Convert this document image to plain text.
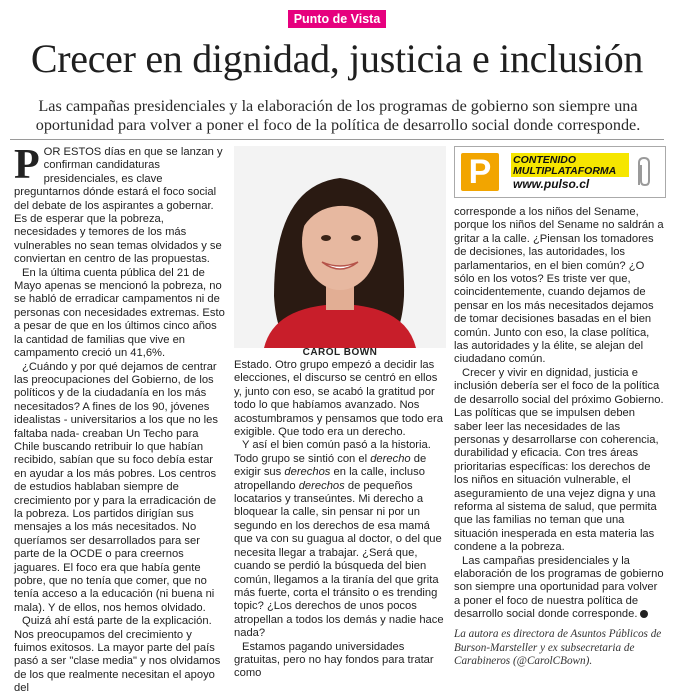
Punto de Vista
Crecer en dignidad, justicia e inclusión

Las campañas presidenciales y la elaboración de los programas de gobierno son siempre una oportunidad para volver a poner el foco de la política de desarrollo social donde corresponde.

POR ESTOS días en que se lanzan y confirman candidaturas presidenciales, es clave preguntarnos dónde estará el foco social del debate de los aspirantes a gobernar. Es de esperar que la pobreza, necesidades y temores de los más vulnerables no sean temas olvidados y se conviertan en centro de las propuestas.

En la última cuenta pública del 21 de Mayo apenas se mencionó la pobreza, no se habló de erradicar campamentos ni de personas con necesidades extremas. Esto a pesar de que en los últimos cinco años la cantidad de familias que vive en campamento creció un 41,6%.

¿Cuándo y por qué dejamos de centrar las preocupaciones del Gobierno, de los políticos y de la ciudadanía en los más necesitados? A fines de los 90, jóvenes idealistas - universitarios a los que no les faltaba nada- creaban Un Techo para Chile buscando retribuir lo que habían recibido, sabían que su foco debía estar en ayudar a los más pobres. Los centros de estudios hablaban siempre de crecimiento por y para la erradicación de la pobreza. Los partidos dirigían sus mensajes a los más necesitados. No queríamos ser desarrollados para ser parte de la OCDE o para creernos jaguares. El foco era que había gente pobre, que no tenía que comer, que no tenía acceso a la educación (ni buena ni mala). Y de ellos, nos hemos olvidado.

Quizá ahí está parte de la explicación. Nos preocupamos del crecimiento y fuimos exitosos. La mayor parte del país pasó a ser "clase media" y nos olvidamos de los que realmente necesitan el apoyo del

CAROL BOWN

Estado. Otro grupo empezó a decidir las elecciones, el discurso se centró en ellos y, junto con eso, se acabó la gratitud por todo lo que habíamos avanzado. Nos acostumbramos y pensamos que todo era exigible. Que todo era un derecho.

Y así el bien común pasó a la historia. Todo grupo se sintió con el derecho de exigir sus derechos en la calle, incluso atropellando derechos de pequeños locatarios y transeúntes. Mi derecho a bloquear la calle, sin pensar ni por un segundo en los derechos de esa mamá que va con su guagua al doctor, o del que necesita llegar a trabajar. ¿Será que, cuando se perdió la búsqueda del bien común, llegamos a la tiranía del que grita más fuerte, corta el tránsito o es trending topic? ¿Los derechos de unos pocos atropellan a todos los demás y nadie hace nada?

Estamos pagando universidades gratuitas, pero no hay fondos para tratar como

P	CONTENIDO
MULTIPLATAFORMA
www.pulso.cl

corresponde a los niños del Sename, porque los niños del Sename no saldrán a gritar a la calle. ¿Piensan los tomadores de decisiones, las autoridades, los parlamentarios, en el bien común? ¿O sólo en los votos? Es triste ver que, coincidentemente, cuando dejamos de pensar en los más necesitados dejamos de tomar decisiones basadas en el bien común. Junto con eso, la clase política, las autoridades y la élite, se alejan del ciudadano común.

Crecer y vivir en dignidad, justicia e inclusión debería ser el foco de la política de desarrollo social del próximo Gobierno. Las políticas que se impulsen deben saber leer las necesidades de las personas y desarrollarse con coherencia, durabilidad y eficacia. Con tres áreas prioritarias específicas: los derechos de los niños en situación vulnerable, el aseguramiento de una vejez digna y una reforma al sistema de salud, que permita que las familias no teman que una situación inesperada en esta materia las condene a la pobreza.

Las campañas presidenciales y la elaboración de los programas de gobierno son siempre una oportunidad para volver a poner el foco de nuestra política de desarrollo social donde corresponde.

La autora es directora de Asuntos Públicos de Burson-Marsteller y ex subsecretaria de Carabineros (@CarolCBown).
